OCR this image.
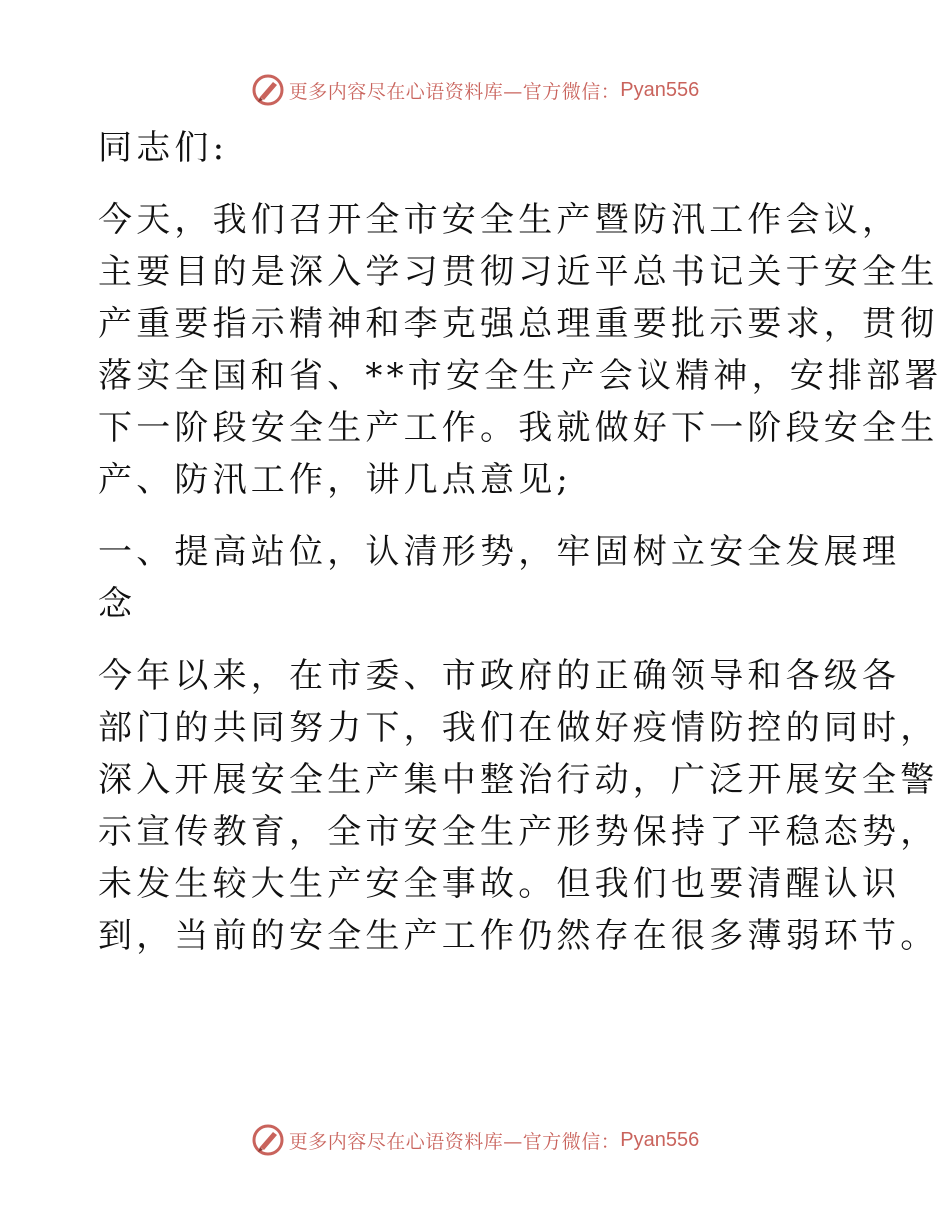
更多内容尽在心语资料库—官方微信： Pyan556
同志们:
今天，我们召开全市安全生产暨防汛工作会议，
主要目的是深入学习贯彻习近平总书记关于安全生
产重要指示精神和李克强总理重要批示要求，贯彻
落实全国和省、**市安全生产会议精神，安排部署
下一阶段安全生产工作。我就做好下一阶段安全生
产、防汛工作，讲几点意见;
一、提高站位，认清形势，牢固树立安全发展理
念
今年以来，在市委、市政府的正确领导和各级各
部门的共同努力下，我们在做好疫情防控的同时，
深入开展安全生产集中整治行动，广泛开展安全警
示宣传教育，全市安全生产形势保持了平稳态势，
未发生较大生产安全事故。但我们也要清醒认识
到，当前的安全生产工作仍然存在很多薄弱环节。
更多内容尽在心语资料库—官方微信： Pyan556
